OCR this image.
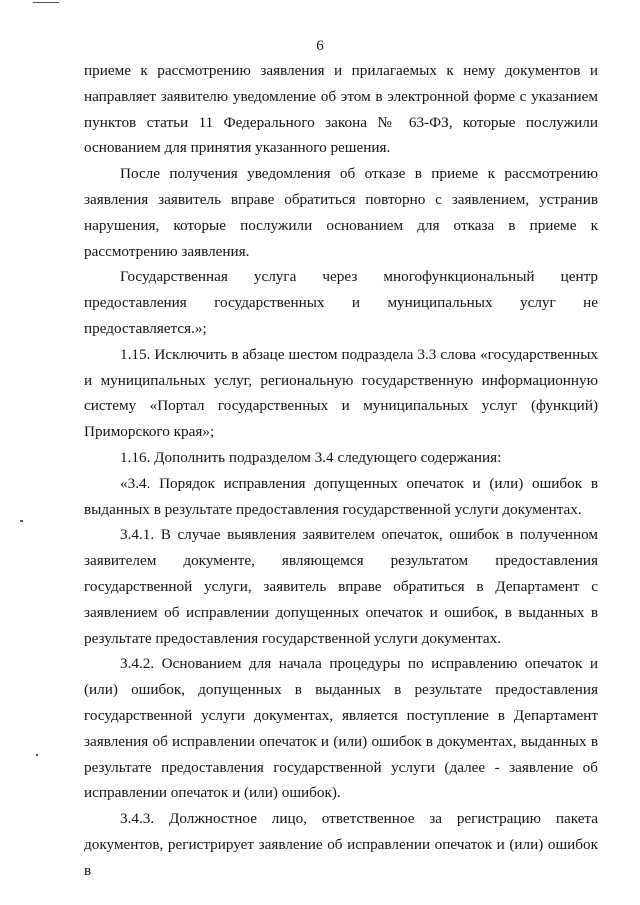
6

приеме к рассмотрению заявления и прилагаемых к нему документов и направляет заявителю уведомление об этом в электронной форме с указанием пунктов статьи 11 Федерального закона № 63-ФЗ, которые послужили основанием для принятия указанного решения.

После получения уведомления об отказе в приеме к рассмотрению заявления заявитель вправе обратиться повторно с заявлением, устранив нарушения, которые послужили основанием для отказа в приеме к рассмотрению заявления.

Государственная услуга через многофункциональный центр предоставления государственных и муниципальных услуг не предоставляется.»;

1.15. Исключить в абзаце шестом подраздела 3.3 слова «государственных и муниципальных услуг, региональную государственную информационную систему «Портал государственных и муниципальных услуг (функций) Приморского края»;

1.16. Дополнить подразделом 3.4 следующего содержания:

«3.4. Порядок исправления допущенных опечаток и (или) ошибок в выданных в результате предоставления государственной услуги документах.

3.4.1. В случае выявления заявителем опечаток, ошибок в полученном заявителем документе, являющемся результатом предоставления государственной услуги, заявитель вправе обратиться в Департамент с заявлением об исправлении допущенных опечаток и ошибок, в выданных в результате предоставления государственной услуги документах.

3.4.2. Основанием для начала процедуры по исправлению опечаток и (или) ошибок, допущенных в выданных в результате предоставления государственной услуги документах, является поступление в Департамент заявления об исправлении опечаток и (или) ошибок в документах, выданных в результате предоставления государственной услуги (далее - заявление об исправлении опечаток и (или) ошибок).

3.4.3. Должностное лицо, ответственное за регистрацию пакета документов, регистрирует заявление об исправлении опечаток и (или) ошибок в
